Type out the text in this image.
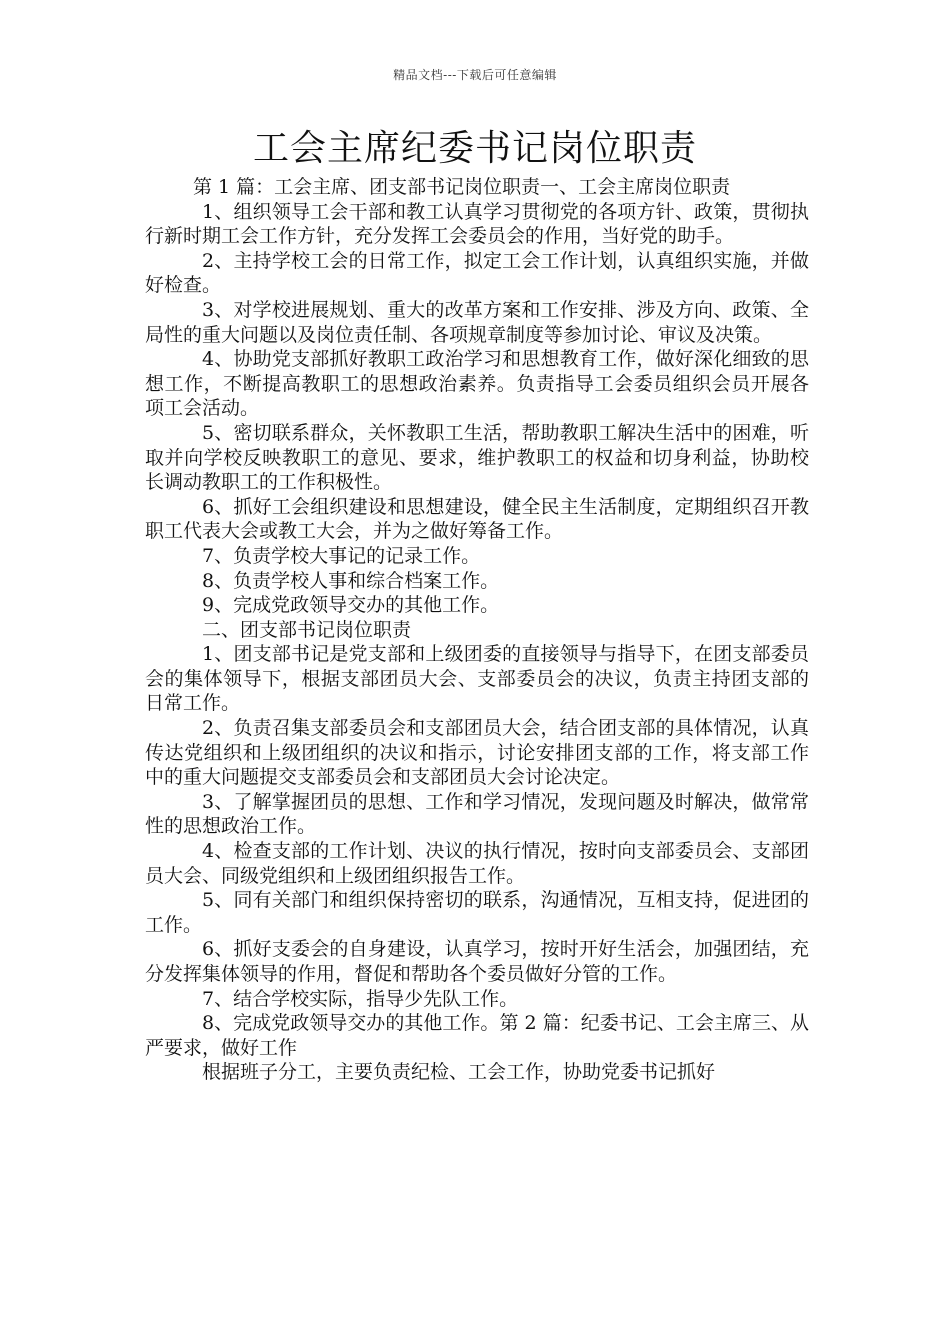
精品文档---下载后可任意编辑
工会主席纪委书记岗位职责

第 1 篇：工会主席、团支部书记岗位职责一、工会主席岗位职责

1、组织领导工会干部和教工认真学习贯彻党的各项方针、政策，贯彻执行新时期工会工作方针，充分发挥工会委员会的作用，当好党的助手。

2、主持学校工会的日常工作，拟定工会工作计划，认真组织实施，并做好检查。

3、对学校进展规划、重大的改革方案和工作安排、涉及方向、政策、全局性的重大问题以及岗位责任制、各项规章制度等参加讨论、审议及决策。

4、协助党支部抓好教职工政治学习和思想教育工作，做好深化细致的思想工作，不断提高教职工的思想政治素养。负责指导工会委员组织会员开展各项工会活动。

5、密切联系群众，关怀教职工生活，帮助教职工解决生活中的困难，听取并向学校反映教职工的意见、要求，维护教职工的权益和切身利益，协助校长调动教职工的工作积极性。

6、抓好工会组织建设和思想建设，健全民主生活制度，定期组织召开教职工代表大会或教工大会，并为之做好筹备工作。

7、负责学校大事记的记录工作。

8、负责学校人事和综合档案工作。

9、完成党政领导交办的其他工作。

二、团支部书记岗位职责

1、团支部书记是党支部和上级团委的直接领导与指导下，在团支部委员会的集体领导下，根据支部团员大会、支部委员会的决议，负责主持团支部的日常工作。

2、负责召集支部委员会和支部团员大会，结合团支部的具体情况，认真传达党组织和上级团组织的决议和指示，讨论安排团支部的工作，将支部工作中的重大问题提交支部委员会和支部团员大会讨论决定。

3、了解掌握团员的思想、工作和学习情况，发现问题及时解决，做常常性的思想政治工作。

4、检查支部的工作计划、决议的执行情况，按时向支部委员会、支部团员大会、同级党组织和上级团组织报告工作。

5、同有关部门和组织保持密切的联系，沟通情况，互相支持，促进团的工作。

6、抓好支委会的自身建设，认真学习，按时开好生活会，加强团结，充分发挥集体领导的作用，督促和帮助各个委员做好分管的工作。

7、结合学校实际，指导少先队工作。

8、完成党政领导交办的其他工作。第 2 篇：纪委书记、工会主席三、从严要求，做好工作

根据班子分工，主要负责纪检、工会工作，协助党委书记抓好
